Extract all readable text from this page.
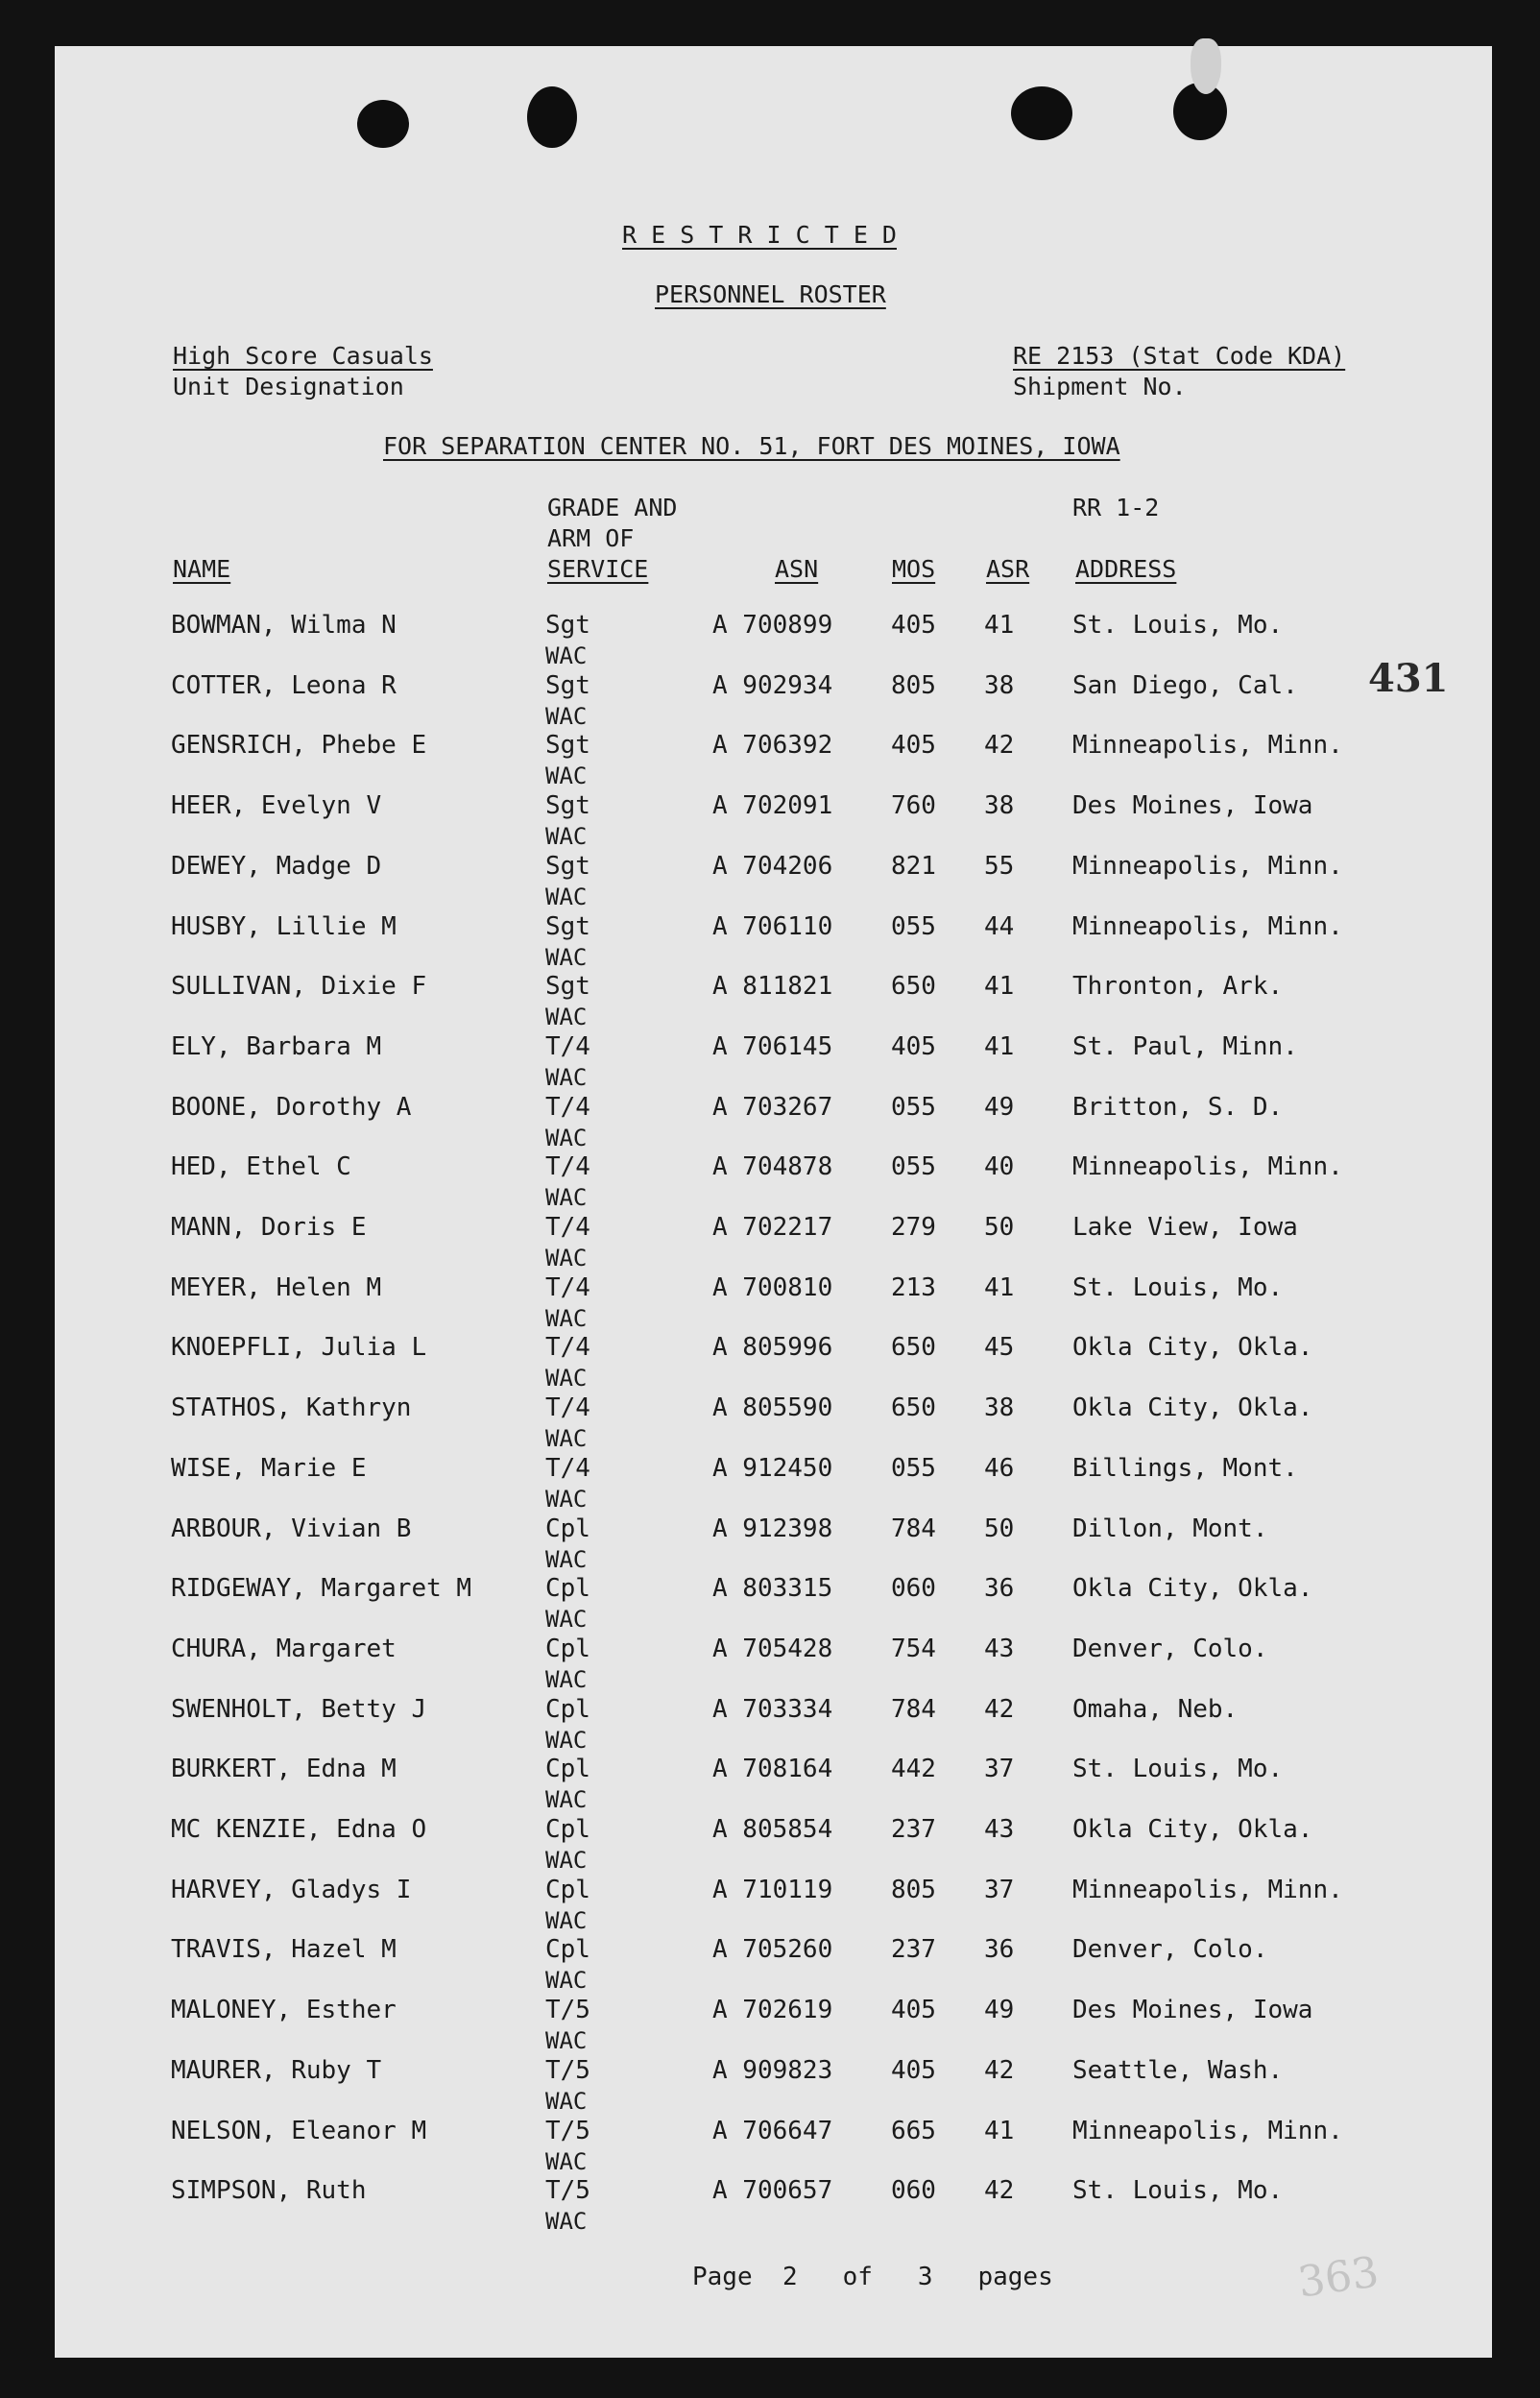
R E S T R I C T E D
PERSONNEL ROSTER
High Score Casuals
Unit Designation
RE 2153 (Stat Code KDA)
Shipment No.
FOR SEPARATION CENTER NO. 51, FORT DES MOINES, IOWA
RR 1-2
GRADE AND
ARM OF
SERVICE
NAME	ASN	MOS ASR ADDRESS
BOWMAN, Wilma N	Sgt	A 700899 405 41 St. Louis, Mo.
WAC
COTTER, Leona R	Sgt	A 902934 805 38 San Diego, Cal.
WAC
GENSRICH, Phebe E	Sgt	A 706392 405 42 Minneapolis, Minn.
WAC
HEER, Evelyn V	Sgt	A 702091 760 38 Des Moines, Iowa
WAC
DEWEY, Madge D	Sgt	A 704206 821 55 Minneapolis, Minn.
WAC
HUSBY, Lillie M	Sgt	A 706110 055 44 Minneapolis, Minn.
WAC
SULLIVAN, Dixie F	Sgt	A 811821 650 41 Thronton, Ark.
WAC
ELY, Barbara M	T/4	A 706145 405 41 St. Paul, Minn.
WAC
BOONE, Dorothy A	T/4	A 703267 055 49 Britton, S. D.
WAC
HED, Ethel C	T/4	A 704878 055 40 Minneapolis, Minn.
WAC
MANN, Doris E	T/4	A 702217 279 50 Lake View, Iowa
WAC
MEYER, Helen M	T/4	A 700810 213 41 St. Louis, Mo.
WAC
KNOEPFLI, Julia L	T/4	A 805996 650 45 Okla City, Okla.
WAC
STATHOS, Kathryn	T/4	A 805590 650 38 Okla City, Okla.
WAC
WISE, Marie E	T/4	A 912450 055 46 Billings, Mont.
WAC
ARBOUR, Vivian B	Cpl	A 912398 784 50 Dillon, Mont.
WAC
RIDGEWAY, Margaret M	Cpl	A 803315 060 36 Okla City, Okla.
WAC
CHURA, Margaret	Cpl	A 705428 754 43 Denver, Colo.
WAC
SWENHOLT, Betty J	Cpl	A 703334 784 42 Omaha, Neb.
WAC
BURKERT, Edna M	Cpl	A 708164 442 37 St. Louis, Mo.
WAC
MC KENZIE, Edna O	Cpl	A 805854 237 43 Okla City, Okla.
WAC
HARVEY, Gladys I	Cpl	A 710119 805 37 Minneapolis, Minn.
WAC
TRAVIS, Hazel M	Cpl	A 705260 237 36 Denver, Colo.
WAC
MALONEY, Esther	T/5	A 702619 405 49 Des Moines, Iowa
WAC
MAURER, Ruby T	T/5	A 909823 405 42 Seattle, Wash.
WAC
NELSON, Eleanor M	T/5	A 706647 665 41 Minneapolis, Minn.
WAC
SIMPSON, Ruth	T/5	A 700657 060 42 St. Louis, Mo.
WAC
431
Page 2 of 3 pages	363
